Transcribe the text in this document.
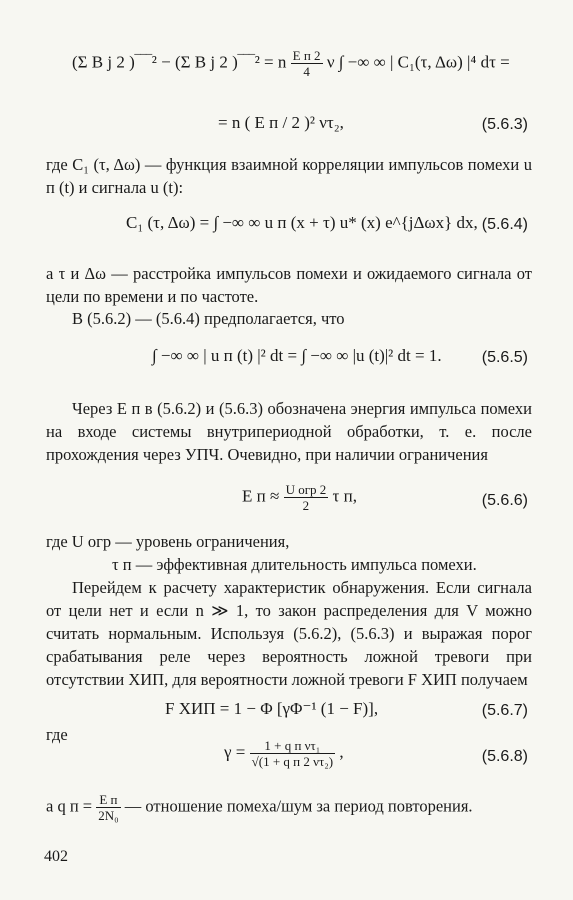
(Σ B j 2 )‾‾‾² − (Σ B j 2 )‾‾‾² = n $\frac{\text{E п 2}}{4}$ ν ∫ −∞ ∞ | C₁(τ, Δω) |⁴ dτ =
= n ( E п / 2 )² ντ₂,	(5.6.3)

где C₁ (τ, Δω) — функция взаимной корреляции импульсов помехи u п (t) и сигнала u (t):

C₁ (τ, Δω) = ∫ −∞ ∞ u п (x + τ) u* (x) e^{jΔωx} dx, (5.6.4)

a τ и Δω — расстройка импульсов помехи и ожидаемого сигнала от цели по времени и по частоте.

В (5.6.2) — (5.6.4) предполагается, что

∫ −∞ ∞ | u п (t) |² dt = ∫ −∞ ∞ |u (t)|² dt = 1.	(5.6.5)

Через E п в (5.6.2) и (5.6.3) обозначена энергия импульса помехи на входе системы внутрипериодной обработки, т. е. после прохождения через УПЧ. Очевидно, при наличии ограничения

E $п \approx \frac{\text{U огр 2}}{2}$ τ п,	(5.6.6)

где U огр — уровень ограничения,

τ п — эффективная длительность импульса помехи.

Перейдем к расчету характеристик обнаружения. Если сигнала от цели нет и если n ≫ 1, то закон распределения для V можно считать нормальным. Используя (5.6.2), (5.6.3) и выражая порог срабатывания реле через вероятность ложной тревоги при отсутствии ХИП, для вероятности ложной тревоги F ХИП получаем

F ХИП = 1 − Φ [γΦ⁻¹ (1 − F)],	(5.6.7)

где

$\gamma = \frac{\text{1 + q п ντ₁}}{\text{√(1 + q п 2 ντ₂)}}$ ,	(5.6.8)

a q $п = \frac{\text{E п}}{\text{2N₀}}$ — отношение помеха/шум за период повторения.

402
